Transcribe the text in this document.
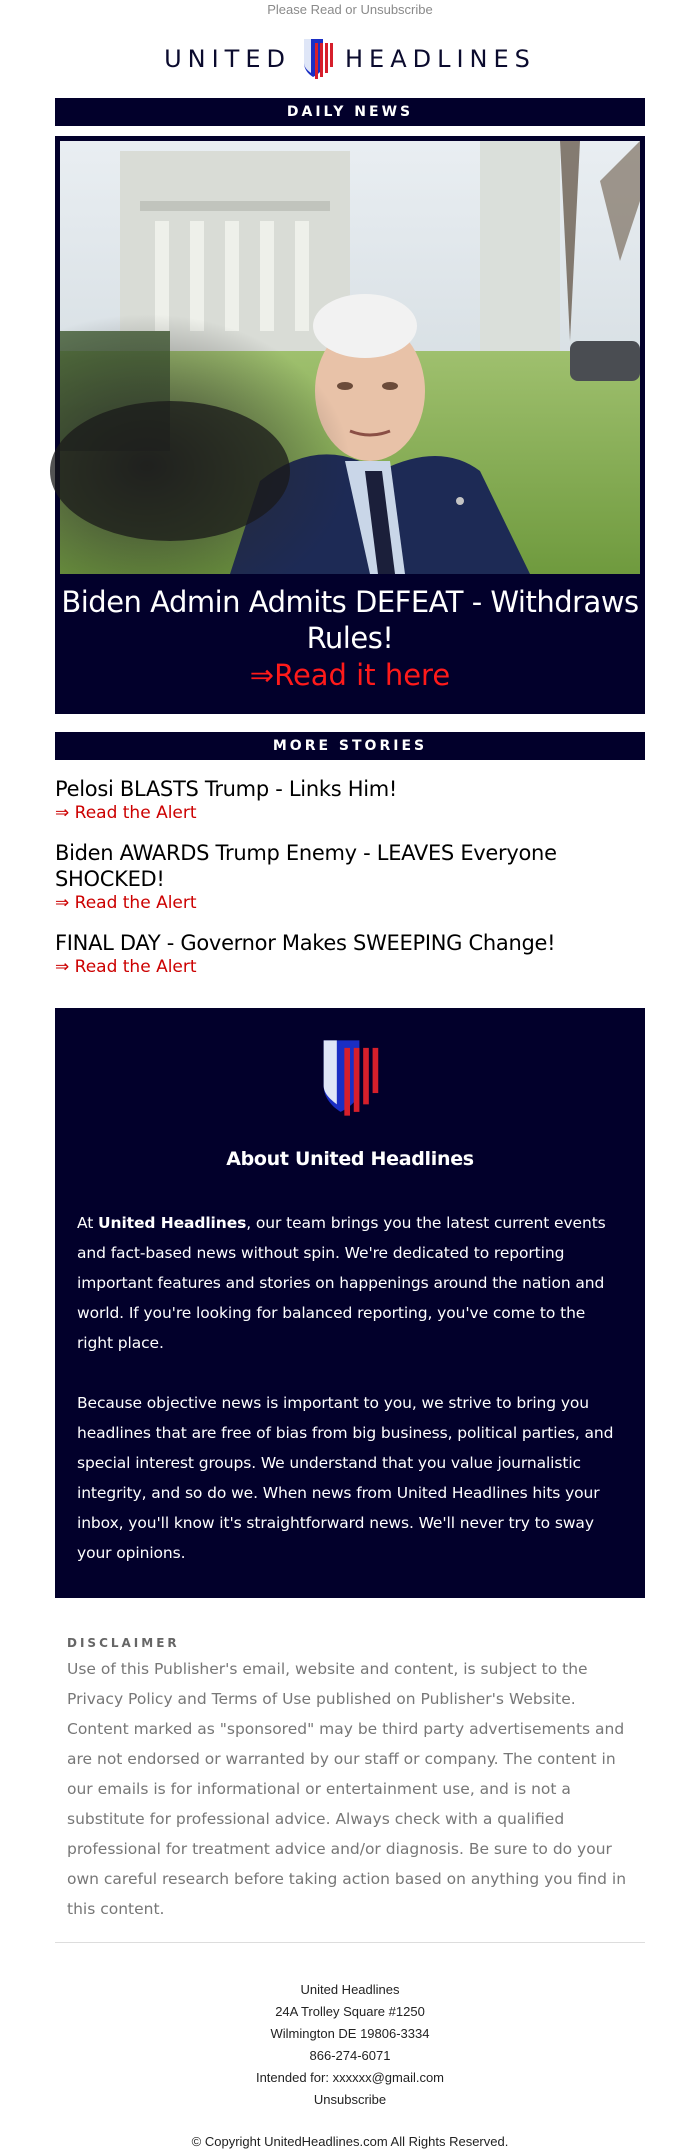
Please Read or Unsubscribe
UNITED HEADLINES
DAILY NEWS
Biden Admin Admits DEFEAT - Withdraws Rules!
⇒Read it here
MORE STORIES
Pelosi BLASTS Trump - Links Him!
⇒ Read the Alert
Biden AWARDS Trump Enemy - LEAVES Everyone SHOCKED!
⇒ Read the Alert
FINAL DAY - Governor Makes SWEEPING Change!
⇒ Read the Alert
About United Headlines

At United Headlines, our team brings you the latest current events and fact-based news without spin. We're dedicated to reporting important features and stories on happenings around the nation and world. If you're looking for balanced reporting, you've come to the right place.

Because objective news is important to you, we strive to bring you headlines that are free of bias from big business, political parties, and special interest groups. We understand that you value journalistic integrity, and so do we. When news from United Headlines hits your inbox, you'll know it's straightforward news. We'll never try to sway your opinions.

DISCLAIMER
Use of this Publisher's email, website and content, is subject to the Privacy Policy and Terms of Use published on Publisher's Website. Content marked as "sponsored" may be third party advertisements and are not endorsed or warranted by our staff or company. The content in our emails is for informational or entertainment use, and is not a substitute for professional advice. Always check with a qualified professional for treatment advice and/or diagnosis. Be sure to do your own careful research before taking action based on anything you find in this content.
United Headlines
24A Trolley Square #1250
Wilmington DE 19806-3334
866-274-6071
Intended for: xxxxxx@gmail.com
Unsubscribe
© Copyright UnitedHeadlines.com All Rights Reserved.
